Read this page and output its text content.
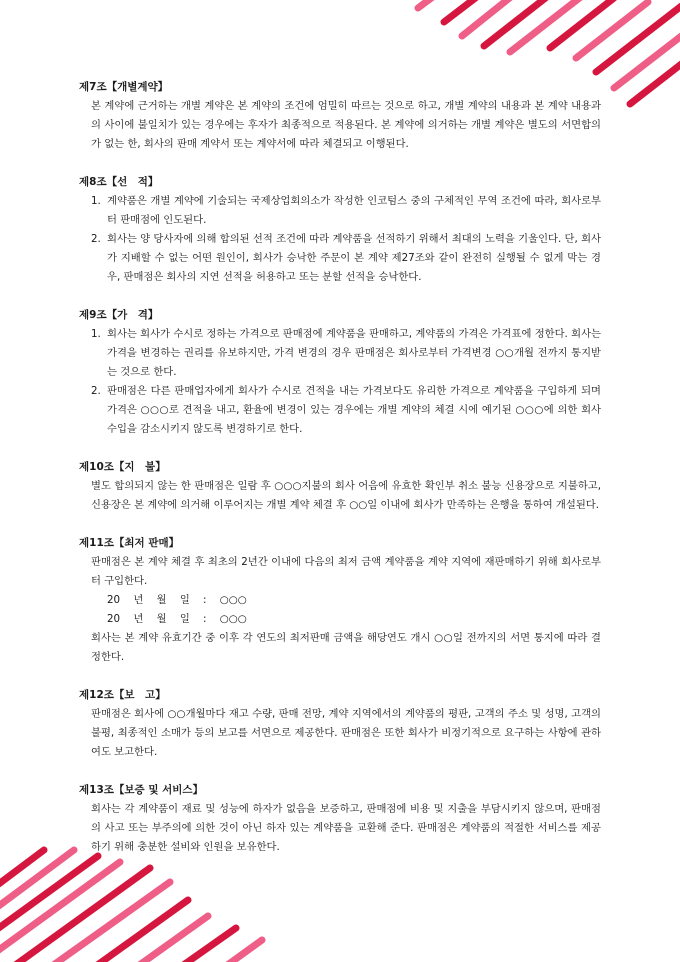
제7조【개별계약】

본 계약에 근거하는 개별 계약은 본 계약의 조건에 엄밀히 따르는 것으로 하고, 개별 계약의 내용과 본 계약 내용과의 사이에 불일치가 있는 경우에는 후자가 최종적으로 적용된다. 본 계약에 의거하는 개별 계약은 별도의 서면합의가 없는 한, 회사의 판매 계약서 또는 계약서에 따라 체결되고 이행된다.

제8조【선　적】
1. 계약품은 개별 계약에 기술되는 국제상업회의소가 작성한 인코텀스 중의 구체적인 무역 조건에 따라, 회사로부터 판매점에 인도된다.
2. 회사는 양 당사자에 의해 합의된 선적 조건에 따라 계약품을 선적하기 위해서 최대의 노력을 기울인다. 단, 회사가 지배할 수 없는 어떤 원인이, 회사가 승낙한 주문이 본 계약 제27조와 같이 완전히 실행될 수 없게 막는 경우, 판매점은 회사의 지연 선적을 허용하고 또는 분할 선적을 승낙한다.
제9조【가　격】
1. 회사는 회사가 수시로 정하는 가격으로 판매점에 계약품을 판매하고, 계약품의 가격은 가격표에 정한다. 회사는 가격을 변경하는 권리를 유보하지만, 가격 변경의 경우 판매점은 회사로부터 가격변경 ○○개월 전까지 통지받는 것으로 한다.
2. 판매점은 다른 판매업자에게 회사가 수시로 견적을 내는 가격보다도 유리한 가격으로 계약품을 구입하게 되며 가격은 ○○○로 견적을 내고, 환율에 변경이 있는 경우에는 개별 계약의 체결 시에 예기된 ○○○에 의한 회사 수입을 감소시키지 않도록 변경하기로 한다.
제10조【지　불】

별도 합의되지 않는 한 판매점은 일람 후 ○○○지불의 회사 어음에 유효한 확인부 취소 불능 신용장으로 지불하고, 신용장은 본 계약에 의거해 이루어지는 개별 계약 체결 후 ○○일 이내에 회사가 만족하는 은행을 통하여 개설된다.

제11조【최저 판매】

판매점은 본 계약 체결 후 최초의 2년간 이내에 다음의 최저 금액 계약품을 계약 지역에 재판매하기 위해 회사로부터 구입한다.

20 년 월 일 : ○○○
20 년 월 일 : ○○○

회사는 본 계약 유효기간 중 이후 각 연도의 최저판매 금액을 해당연도 개시 ○○일 전까지의 서면 통지에 따라 결정한다.

제12조【보　고】

판매점은 회사에 ○○개월마다 재고 수량, 판매 전망, 계약 지역에서의 계약품의 평판, 고객의 주소 및 성명, 고객의 불평, 최종적인 소매가 등의 보고를 서면으로 제공한다. 판매점은 또한 회사가 비정기적으로 요구하는 사항에 관하여도 보고한다.

제13조【보증 및 서비스】

회사는 각 계약품이 재료 및 성능에 하자가 없음을 보증하고, 판매점에 비용 및 지출을 부담시키지 않으며, 판매점의 사고 또는 부주의에 의한 것이 아닌 하자 있는 계약품을 교환해 준다. 판매점은 계약품의 적절한 서비스를 제공하기 위해 충분한 설비와 인원을 보유한다.
